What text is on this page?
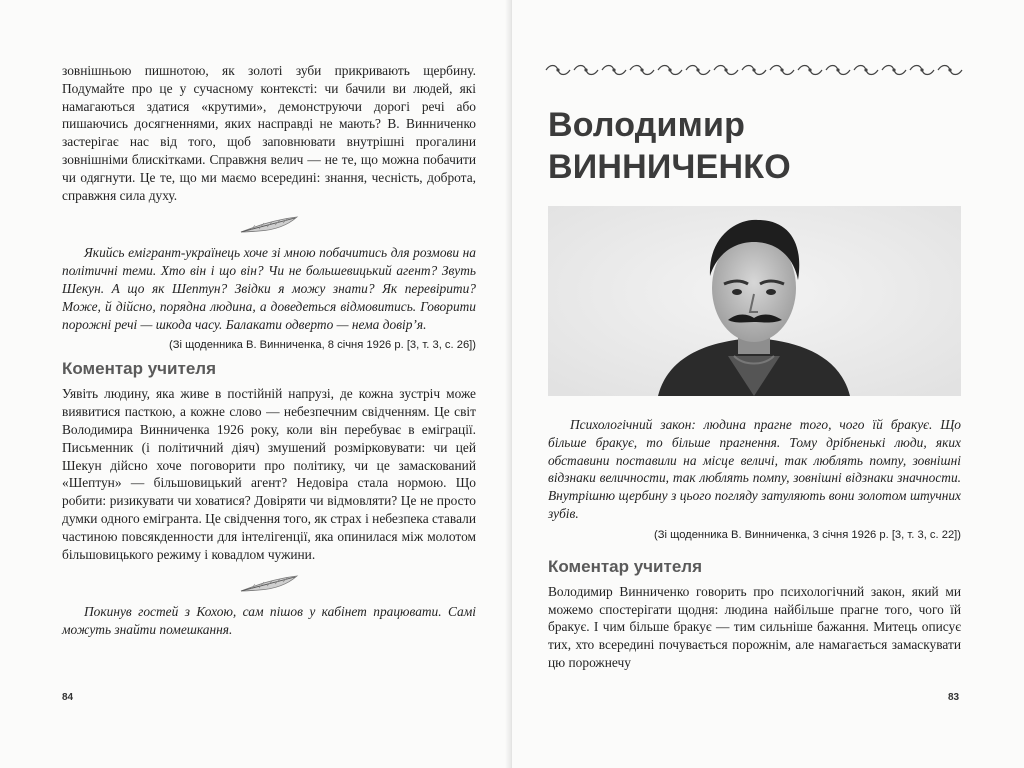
зовнішньою пишнотою, як золоті зуби прикривають щербину. Подумайте про це у сучасному контексті: чи бачили ви людей, які намагаються здатися «крутими», демонструючи дорогі речі або пишаючись досягненнями, яких насправді не мають? В. Винниченко застерігає нас від того, щоб заповнювати внутрішні прогалини зовнішніми блискітками. Справжня велич — не те, що можна побачити чи одягнути. Це те, що ми маємо всередині: знання, чесність, доброта, справжня сила духу.

Якийсь емігрант-українець хоче зі мною побачитись для розмови на політичні теми. Хто він і що він? Чи не большевицький агент? Звуть Шекун. А що як Шептун? Звідки я можу знати? Як перевірити? Може, й дійсно, порядна людина, а доведеться відмовитись. Говорити порожні речі — шкода часу. Балакати одверто — нема довір’я.

(Зі щоденника В. Винниченка, 8 січня 1926 р. [3, т. 3, с. 26])

Коментар учителя

Уявіть людину, яка живе в постійній напрузі, де кожна зустріч може виявитися пасткою, а кожне слово — небезпечним свідченням. Це світ Володимира Винниченка 1926 року, коли він перебуває в еміграції. Письменник (і політичний діяч) змушений розмірковувати: чи цей Шекун дійсно хоче поговорити про політику, чи це замаскований «Шептун» — більшовицький агент? Недовіра стала нормою. Що робити: ризикувати чи ховатися? Довіряти чи відмовляти? Це не просто думки одного емігранта. Це свідчення того, як страх і небезпека ставали частиною повсякденности для інтелігенції, яка опинилася між молотом більшовицького режиму і ковадлом чужини.

Покинув гостей з Кохою, сам пішов у кабінет працювати. Самі можуть знайти помешкання.

84
Володимир
ВИННИЧЕНКО

Психологічний закон: людина прагне того, чого їй бракує. Що більше бракує, то більше прагнення. Тому дрібненькі люди, яких обставини поставили на місце величі, так люблять помпу, зовнішні відзнаки величности, так люблять помпу, зовнішні відзнаки значности. Внутрішню щербину з цього погляду затуляють вони золотом штучних зубів.

(Зі щоденника В. Винниченка, 3 січня 1926 р. [3, т. 3, с. 22])

Коментар учителя

Володимир Винниченко говорить про психологічний закон, який ми можемо спостерігати щодня: людина найбільше прагне того, чого їй бракує. І чим більше бракує — тим сильніше бажання. Митець описує тих, хто всередині почувається порожнім, але намагається замаскувати цю порожнечу

83
